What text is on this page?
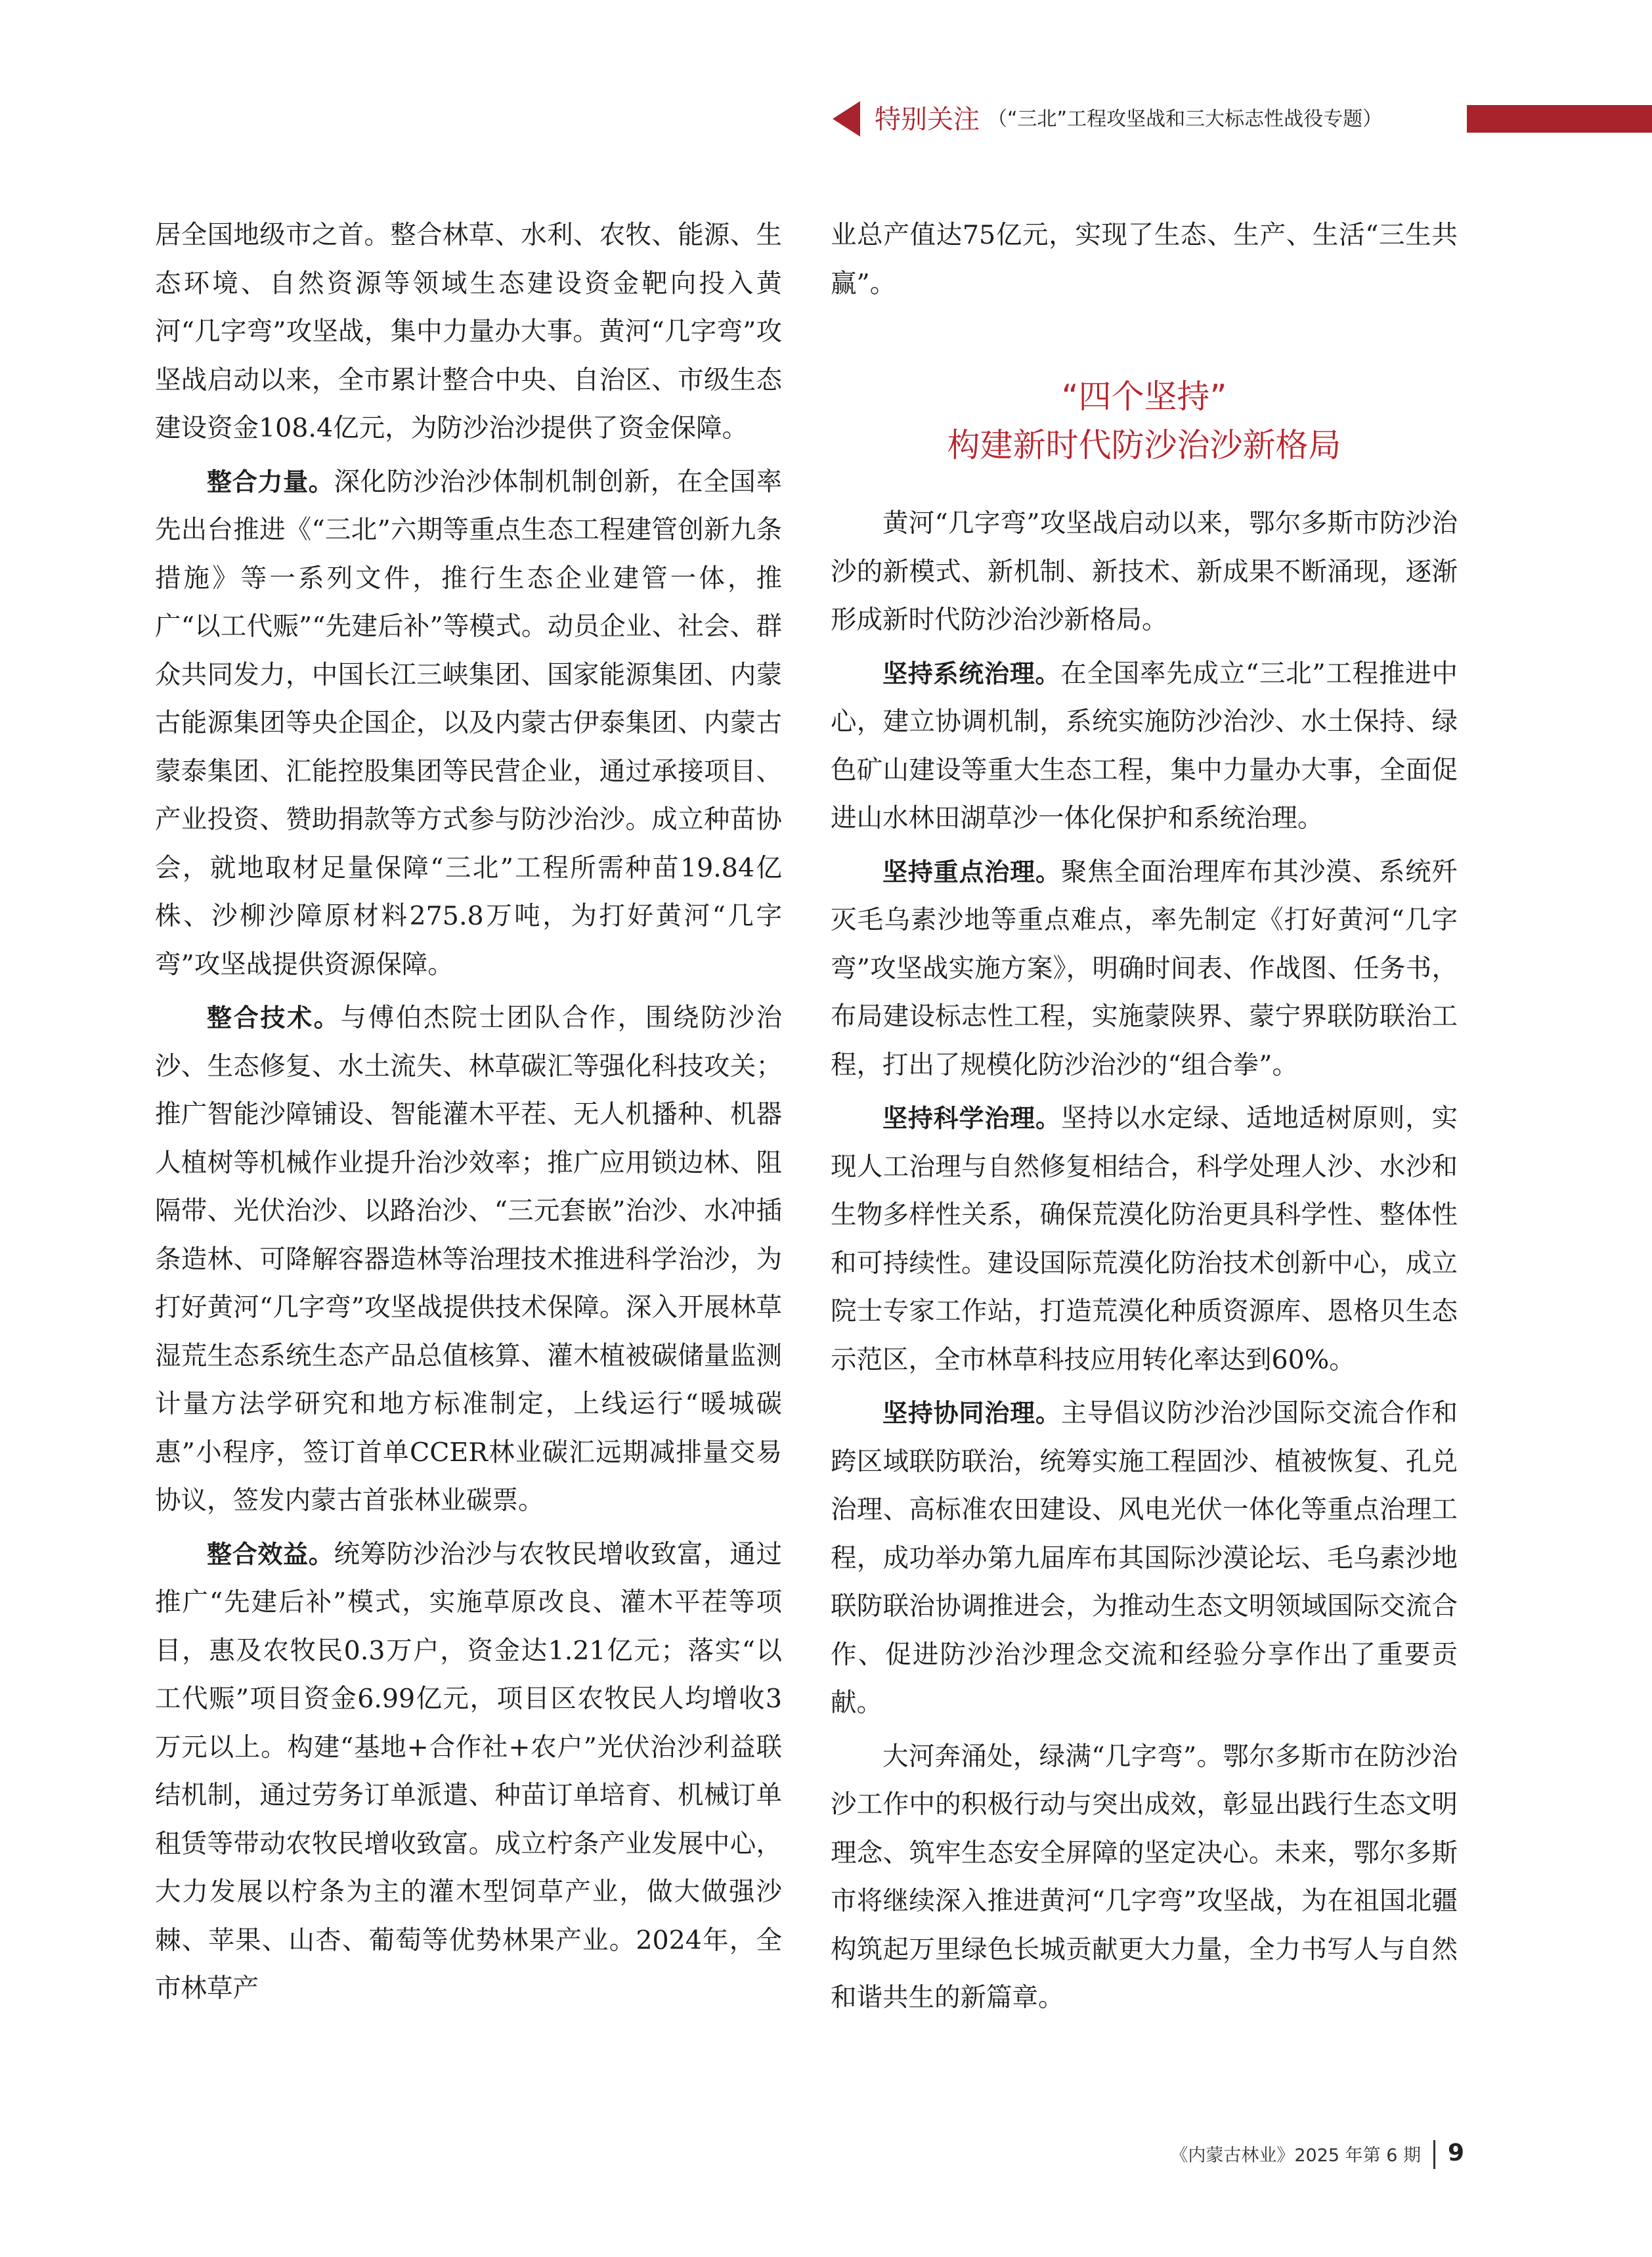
特别关注 （“三北”工程攻坚战和三大标志性战役专题）

居全国地级市之首。整合林草、水利、农牧、能源、生态环境、自然资源等领域生态建设资金靶向投入黄河“几字弯”攻坚战，集中力量办大事。黄河“几字弯”攻坚战启动以来，全市累计整合中央、自治区、市级生态建设资金108.4亿元，为防沙治沙提供了资金保障。

整合力量。深化防沙治沙体制机制创新，在全国率先出台推进《“三北”六期等重点生态工程建管创新九条措施》等一系列文件，推行生态企业建管一体，推广“以工代赈”“先建后补”等模式。动员企业、社会、群众共同发力，中国长江三峡集团、国家能源集团、内蒙古能源集团等央企国企，以及内蒙古伊泰集团、内蒙古蒙泰集团、汇能控股集团等民营企业，通过承接项目、产业投资、赞助捐款等方式参与防沙治沙。成立种苗协会，就地取材足量保障“三北”工程所需种苗19.84亿株、沙柳沙障原材料275.8万吨，为打好黄河“几字弯”攻坚战提供资源保障。

整合技术。与傅伯杰院士团队合作，围绕防沙治沙、生态修复、水土流失、林草碳汇等强化科技攻关；推广智能沙障铺设、智能灌木平茬、无人机播种、机器人植树等机械作业提升治沙效率；推广应用锁边林、阻隔带、光伏治沙、以路治沙、“三元套嵌”治沙、水冲插条造林、可降解容器造林等治理技术推进科学治沙，为打好黄河“几字弯”攻坚战提供技术保障。深入开展林草湿荒生态系统生态产品总值核算、灌木植被碳储量监测计量方法学研究和地方标准制定，上线运行“暖城碳惠”小程序，签订首单CCER林业碳汇远期减排量交易协议，签发内蒙古首张林业碳票。

整合效益。统筹防沙治沙与农牧民增收致富，通过推广“先建后补”模式，实施草原改良、灌木平茬等项目，惠及农牧民0.3万户，资金达1.21亿元；落实“以工代赈”项目资金6.99亿元，项目区农牧民人均增收3万元以上。构建“基地+合作社+农户”光伏治沙利益联结机制，通过劳务订单派遣、种苗订单培育、机械订单租赁等带动农牧民增收致富。成立柠条产业发展中心，大力发展以柠条为主的灌木型饲草产业，做大做强沙棘、苹果、山杏、葡萄等优势林果产业。2024年，全市林草产

业总产值达75亿元，实现了生态、生产、生活“三生共赢”。

“四个坚持”
构建新时代防沙治沙新格局

黄河“几字弯”攻坚战启动以来，鄂尔多斯市防沙治沙的新模式、新机制、新技术、新成果不断涌现，逐渐形成新时代防沙治沙新格局。

坚持系统治理。在全国率先成立“三北”工程推进中心，建立协调机制，系统实施防沙治沙、水土保持、绿色矿山建设等重大生态工程，集中力量办大事，全面促进山水林田湖草沙一体化保护和系统治理。

坚持重点治理。聚焦全面治理库布其沙漠、系统歼灭毛乌素沙地等重点难点，率先制定《打好黄河“几字弯”攻坚战实施方案》，明确时间表、作战图、任务书，布局建设标志性工程，实施蒙陕界、蒙宁界联防联治工程，打出了规模化防沙治沙的“组合拳”。

坚持科学治理。坚持以水定绿、适地适树原则，实现人工治理与自然修复相结合，科学处理人沙、水沙和生物多样性关系，确保荒漠化防治更具科学性、整体性和可持续性。建设国际荒漠化防治技术创新中心，成立院士专家工作站，打造荒漠化种质资源库、恩格贝生态示范区，全市林草科技应用转化率达到60%。

坚持协同治理。主导倡议防沙治沙国际交流合作和跨区域联防联治，统筹实施工程固沙、植被恢复、孔兑治理、高标准农田建设、风电光伏一体化等重点治理工程，成功举办第九届库布其国际沙漠论坛、毛乌素沙地联防联治协调推进会，为推动生态文明领域国际交流合作、促进防沙治沙理念交流和经验分享作出了重要贡献。

大河奔涌处，绿满“几字弯”。鄂尔多斯市在防沙治沙工作中的积极行动与突出成效，彰显出践行生态文明理念、筑牢生态安全屏障的坚定决心。未来，鄂尔多斯市将继续深入推进黄河“几字弯”攻坚战，为在祖国北疆构筑起万里绿色长城贡献更大力量，全力书写人与自然和谐共生的新篇章。

《内蒙古林业》2025 年第 6 期 9
